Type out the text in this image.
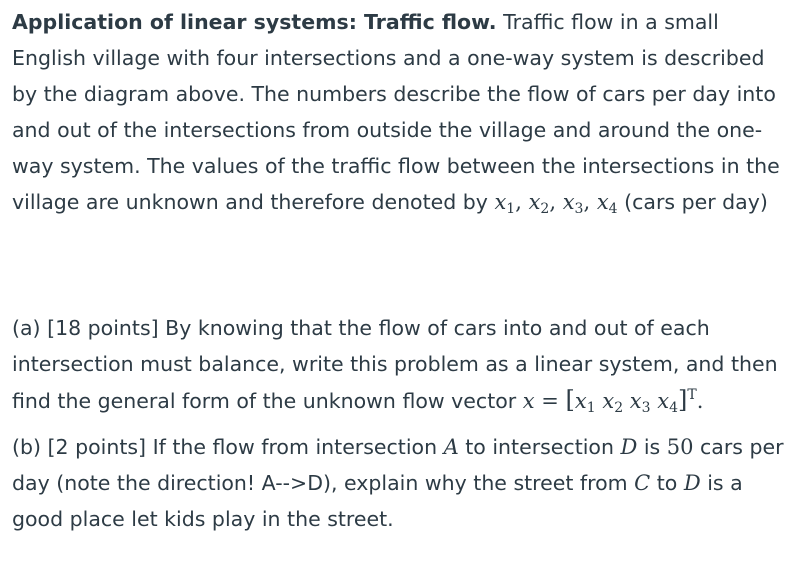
Application of linear systems: Traffic flow. Traffic flow in a small English village with four intersections and a one-way system is described by the diagram above. The numbers describe the flow of cars per day into and out of the intersections from outside the village and around the one-way system. The values of the traffic flow between the intersections in the village are unknown and therefore denoted by $x_1$, $x_2$, $x_3$, $x_4$ (cars per day)

(a) [18 points] By knowing that the flow of cars into and out of each intersection must balance, write this problem as a linear system, and then find the general form of the unknown flow vector $x = [x_1$ $x_2$ $x_3$ $x_4]^T$.

(b) [2 points] If the flow from intersection A to intersection D is 50 cars per day (note the direction! A-->D), explain why the street from C to D is a good place let kids play in the street.
